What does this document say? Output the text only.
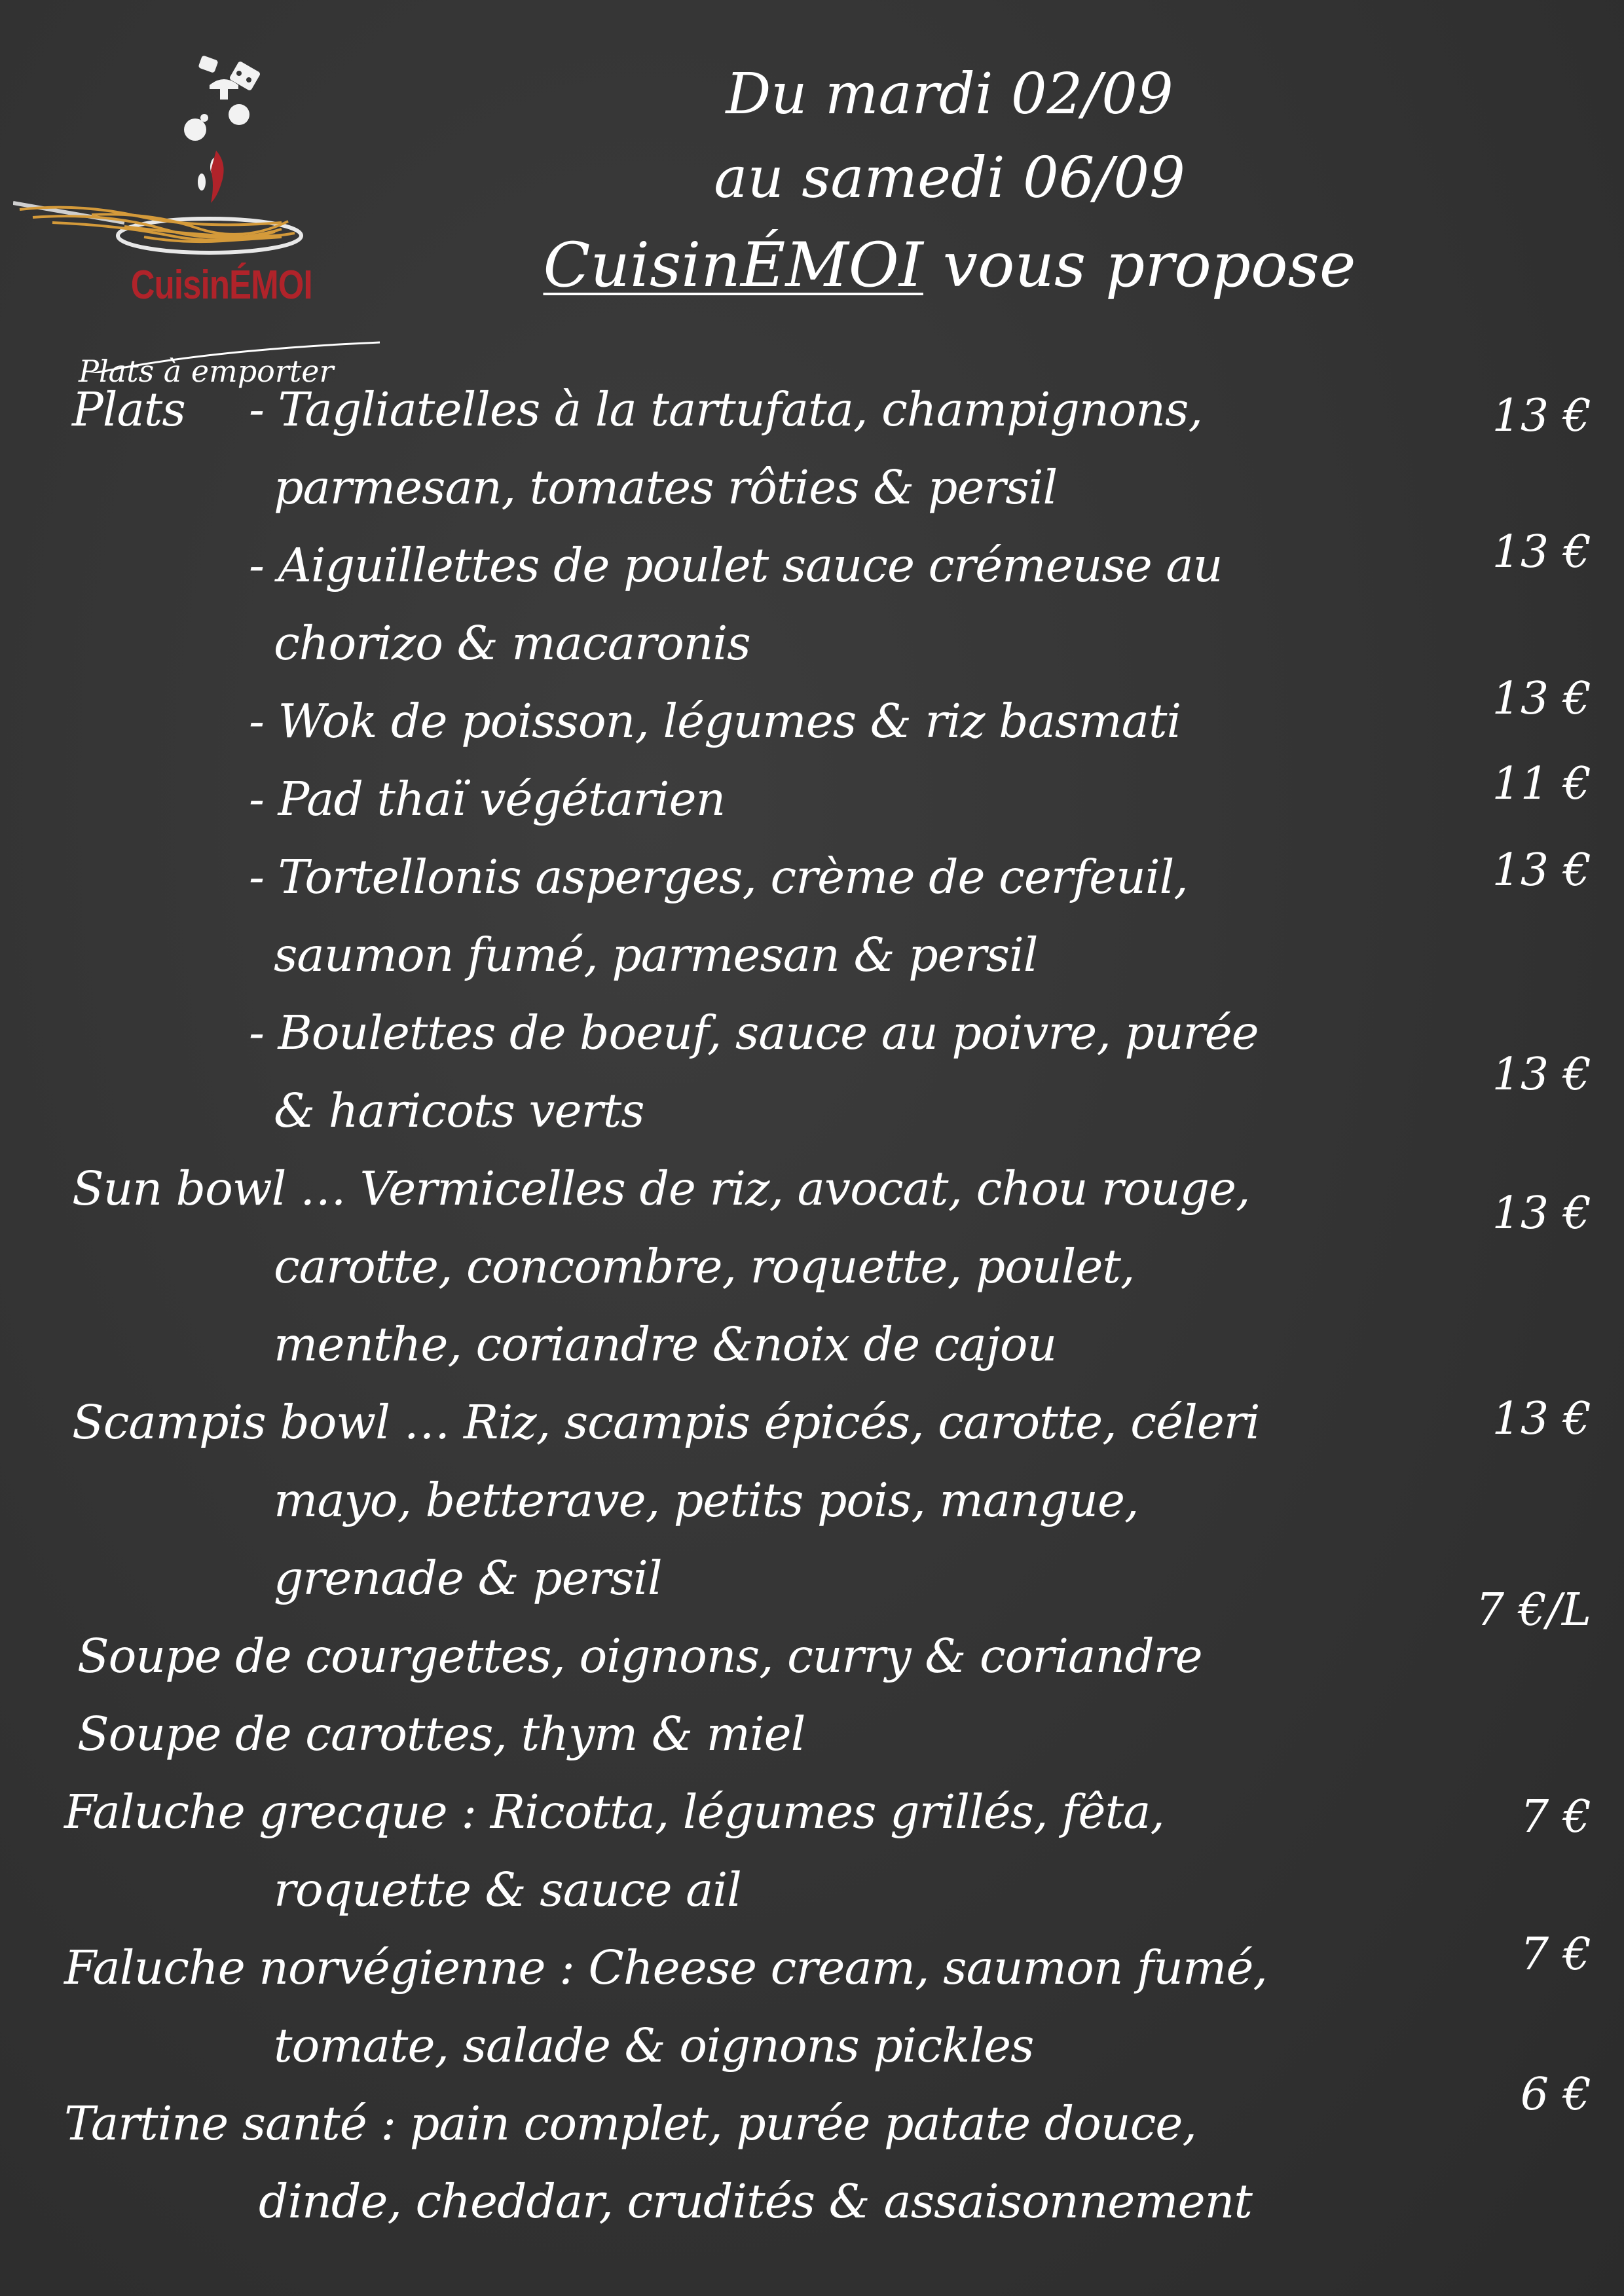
CuisinÉMOI
Plats à emporter
Du mardi 02/09
au samedi 06/09
CuisinÉMOI vous propose
Plats - Tagliatelles à la tartufata, champignons,
parmesan, tomates rôties & persil
- Aiguillettes de poulet sauce crémeuse au
chorizo & macaronis
- Wok de poisson, légumes & riz basmati
- Pad thaï végétarien
- Tortellonis asperges, crème de cerfeuil,
saumon fumé, parmesan & persil
- Boulettes de boeuf, sauce au poivre, purée
& haricots verts
Sun bowl … Vermicelles de riz, avocat, chou rouge,
carotte, concombre, roquette, poulet,
menthe, coriandre &noix de cajou
Scampis bowl … Riz, scampis épicés, carotte, céleri
mayo, betterave, petits pois, mangue,
grenade & persil
Soupe de courgettes, oignons, curry & coriandre
Soupe de carottes, thym & miel
Faluche grecque : Ricotta, légumes grillés, fêta,
roquette & sauce ail
Faluche norvégienne : Cheese cream, saumon fumé,
tomate, salade & oignons pickles
Tartine santé : pain complet, purée patate douce,
dinde, cheddar, crudités & assaisonnement
13 €
13 €
13 €
11 €
13 €
13 €
13 €
13 €
7 €/L
7 €
7 €
6 €
